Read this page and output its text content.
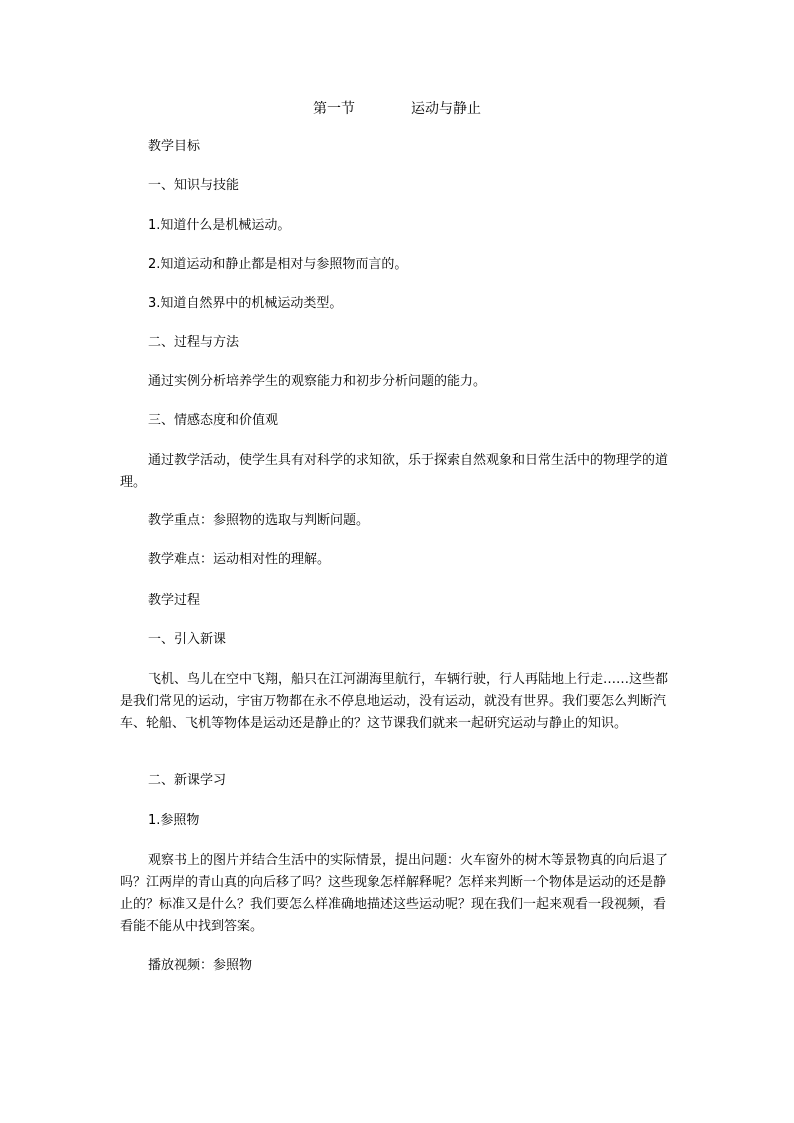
第一节	运动与静止
教学目标
一、知识与技能
1.知道什么是机械运动。
2.知道运动和静止都是相对与参照物而言的。
3.知道自然界中的机械运动类型。
二、过程与方法
通过实例分析培养学生的观察能力和初步分析问题的能力。
三、情感态度和价值观
通过教学活动，使学生具有对科学的求知欲，乐于探索自然观象和日常生活中的物理学的道理。
教学重点：参照物的选取与判断问题。
教学难点：运动相对性的理解。
教学过程
一、引入新课
飞机、鸟儿在空中飞翔，船只在江河湖海里航行，车辆行驶，行人再陆地上行走……这些都是我们常见的运动，宇宙万物都在永不停息地运动，没有运动，就没有世界。我们要怎么判断汽车、轮船、飞机等物体是运动还是静止的？这节课我们就来一起研究运动与静止的知识。
二、新课学习
1.参照物
观察书上的图片并结合生活中的实际情景，提出问题：火车窗外的树木等景物真的向后退了吗？江两岸的青山真的向后移了吗？这些现象怎样解释呢？怎样来判断一个物体是运动的还是静止的？标准又是什么？我们要怎么样准确地描述这些运动呢？现在我们一起来观看一段视频，看看能不能从中找到答案。
播放视频：参照物
